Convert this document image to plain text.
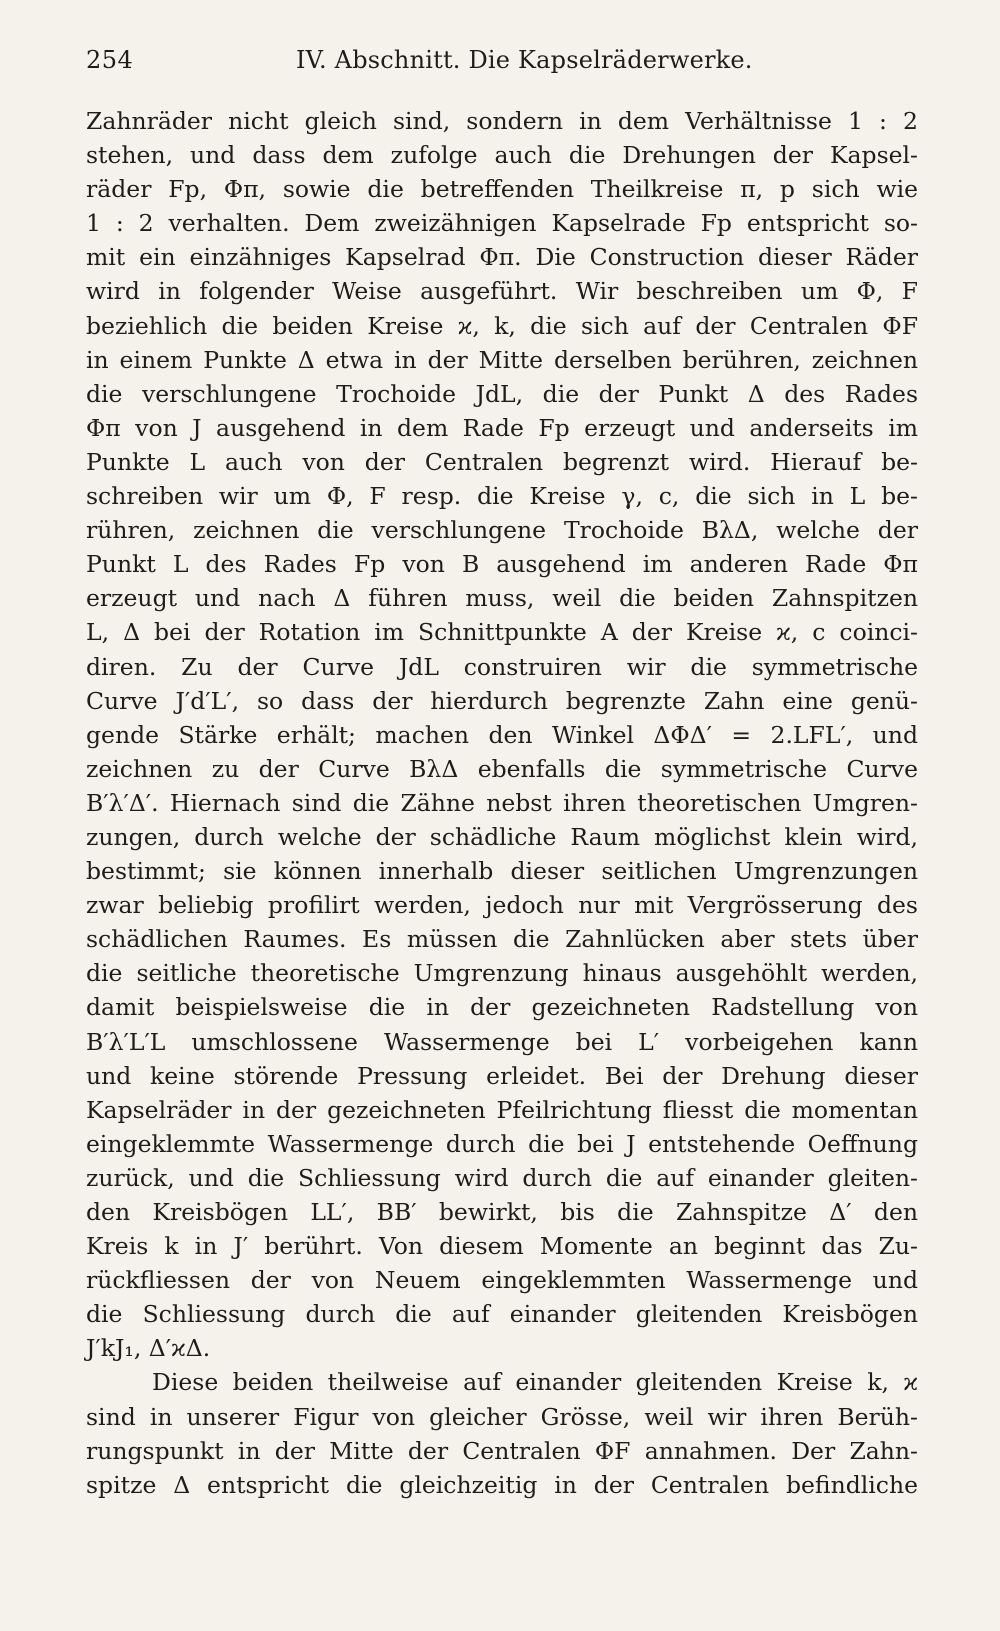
254	IV. Abschnitt. Die Kapselräderwerke.
Zahnräder nicht gleich sind, sondern in dem Verhältnisse 1 : 2
stehen, und dass dem zufolge auch die Drehungen der Kapsel-
räder Fp, Φπ, sowie die betreffenden Theilkreise π, p sich wie
1 : 2 verhalten. Dem zweizähnigen Kapselrade Fp entspricht so-
mit ein einzähniges Kapselrad Φπ. Die Construction dieser Räder
wird in folgender Weise ausgeführt. Wir beschreiben um Φ, F
beziehlich die beiden Kreise ϰ, k, die sich auf der Centralen ΦF
in einem Punkte Δ etwa in der Mitte derselben berühren, zeichnen
die verschlungene Trochoide JdL, die der Punkt Δ des Rades
Φπ von J ausgehend in dem Rade Fp erzeugt und anderseits im
Punkte L auch von der Centralen begrenzt wird. Hierauf be-
schreiben wir um Φ, F resp. die Kreise γ, c, die sich in L be-
rühren, zeichnen die verschlungene Trochoide BλΔ, welche der
Punkt L des Rades Fp von B ausgehend im anderen Rade Φπ
erzeugt und nach Δ führen muss, weil die beiden Zahnspitzen
L, Δ bei der Rotation im Schnittpunkte A der Kreise ϰ, c coinci-
diren. Zu der Curve JdL construiren wir die symmetrische
Curve J′d′L′, so dass der hierdurch begrenzte Zahn eine genü-
gende Stärke erhält; machen den Winkel ΔΦΔ′ = 2.LFL′, und
zeichnen zu der Curve BλΔ ebenfalls die symmetrische Curve
B′λ′Δ′. Hiernach sind die Zähne nebst ihren theoretischen Umgren-
zungen, durch welche der schädliche Raum möglichst klein wird,
bestimmt; sie können innerhalb dieser seitlichen Umgrenzungen
zwar beliebig profilirt werden, jedoch nur mit Vergrösserung des
schädlichen Raumes. Es müssen die Zahnlücken aber stets über
die seitliche theoretische Umgrenzung hinaus ausgehöhlt werden,
damit beispielsweise die in der gezeichneten Radstellung von
B′λ′L′L umschlossene Wassermenge bei L′ vorbeigehen kann
und keine störende Pressung erleidet. Bei der Drehung dieser
Kapselräder in der gezeichneten Pfeilrichtung fliesst die momentan
eingeklemmte Wassermenge durch die bei J entstehende Oeffnung
zurück, und die Schliessung wird durch die auf einander gleiten-
den Kreisbögen LL′, BB′ bewirkt, bis die Zahnspitze Δ′ den
Kreis k in J′ berührt. Von diesem Momente an beginnt das Zu-
rückfliessen der von Neuem eingeklemmten Wassermenge und
die Schliessung durch die auf einander gleitenden Kreisbögen
J′kJ₁, Δ′ϰΔ.
Diese beiden theilweise auf einander gleitenden Kreise k, ϰ
sind in unserer Figur von gleicher Grösse, weil wir ihren Berüh-
rungspunkt in der Mitte der Centralen ΦF annahmen. Der Zahn-
spitze Δ entspricht die gleichzeitig in der Centralen befindliche
